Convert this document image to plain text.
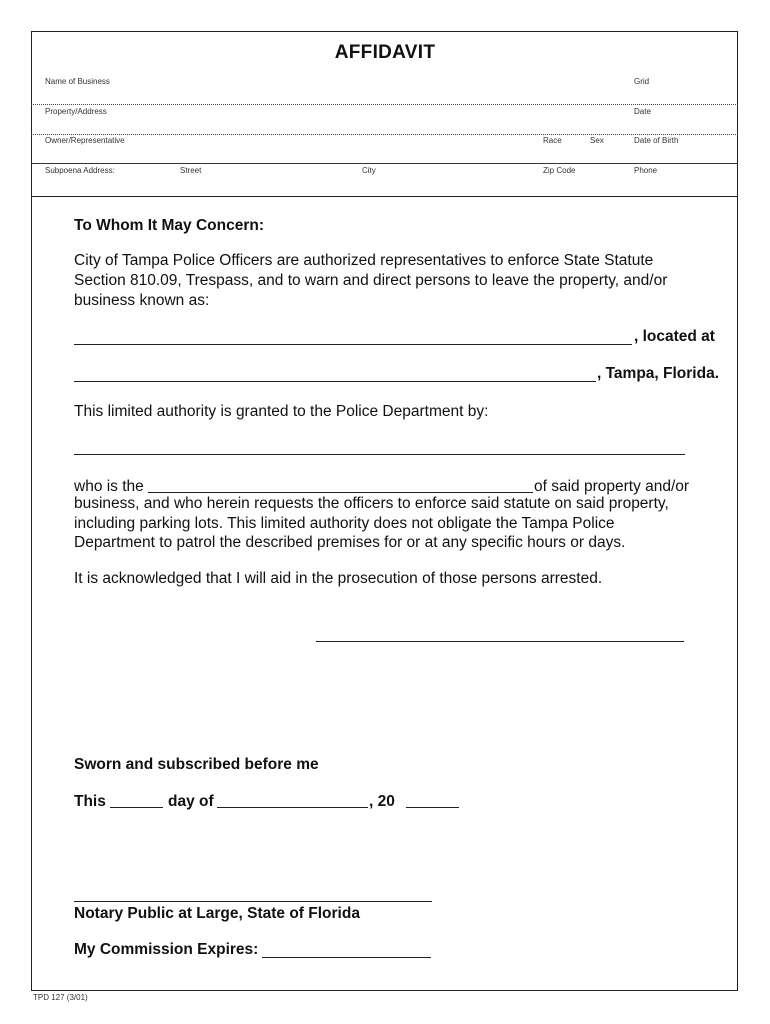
AFFIDAVIT
Name of Business	Grid
Property/Address	Date
Owner/Representative	Race	Sex	Date of Birth
Subpoena Address:	Street	City	Zip Code	Phone
To Whom It May Concern:
City of Tampa Police Officers are authorized representatives to enforce State Statute
Section 810.09, Trespass, and to warn and direct persons to leave the property, and/or
business known as:
, located at
, Tampa, Florida.
This limited authority is granted to the Police Department by:
who is the	of said property and/or
business, and who herein requests the officers to enforce said statute on said property,
including parking lots. This limited authority does not obligate the Tampa Police
Department to patrol the described premises for or at any specific hours or days.
It is acknowledged that I will aid in the prosecution of those persons arrested.
Sworn and subscribed before me
This	day of	, 20
Notary Public at Large, State of Florida
My Commission Expires:
TPD 127 (3/01)
